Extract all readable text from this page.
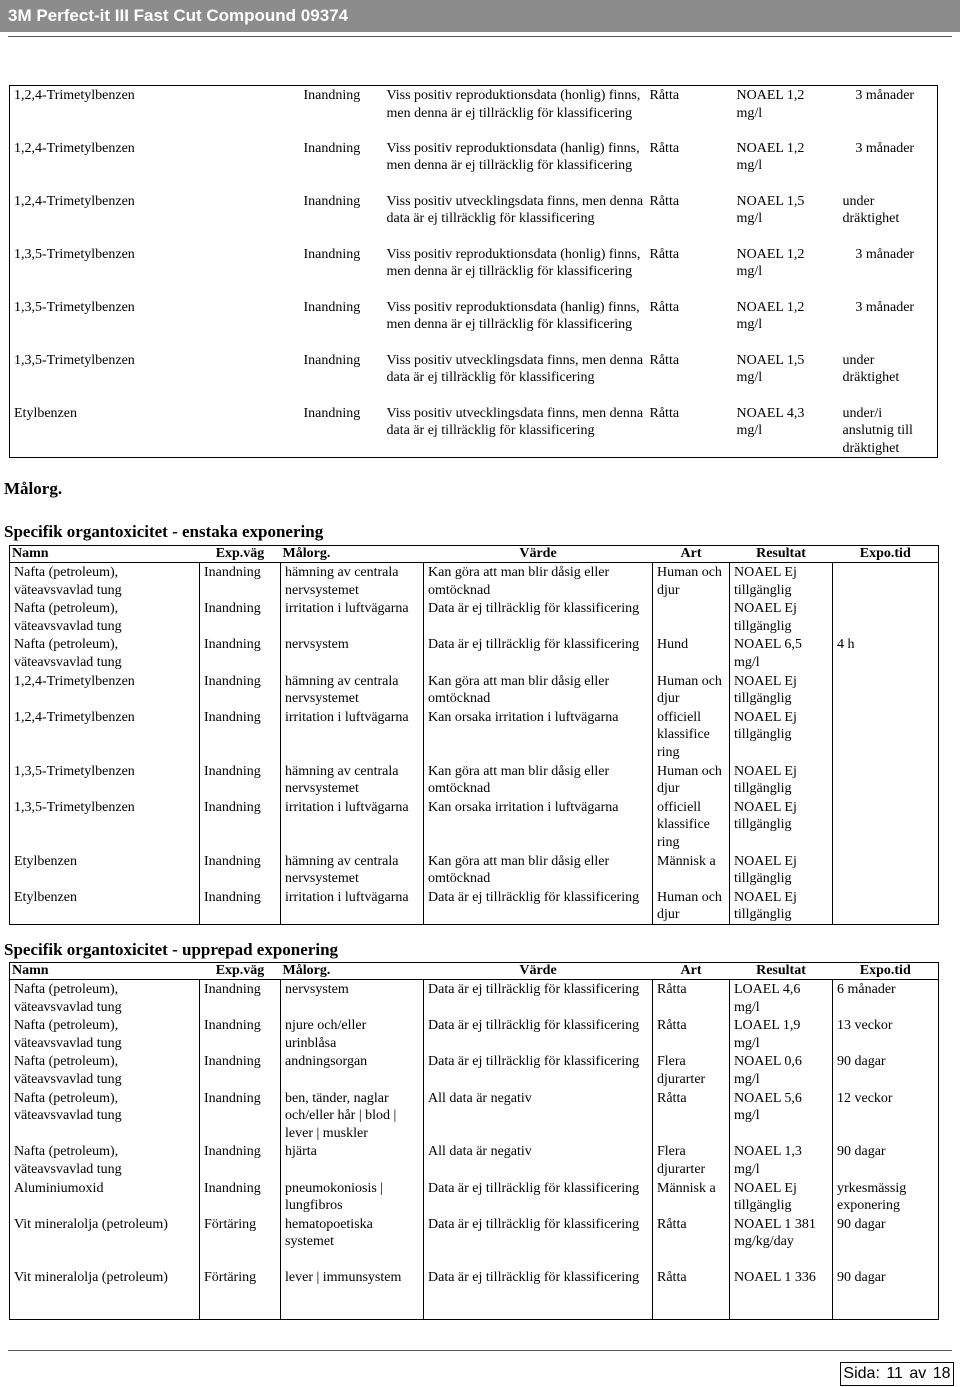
3M Perfect-it III Fast Cut Compound 09374
1,2,4-Trimetylbenzen	Inandning	Viss positiv reproduktionsdata (honlig) finns, men denna är ej tillräcklig för klassificering	Råtta	NOAEL 1,2 mg/l	3 månader
1,2,4-Trimetylbenzen	Inandning	Viss positiv reproduktionsdata (hanlig) finns, men denna är ej tillräcklig för klassificering	Råtta	NOAEL 1,2 mg/l	3 månader
1,2,4-Trimetylbenzen	Inandning	Viss positiv utvecklingsdata finns, men denna data är ej tillräcklig för klassificering	Råtta	NOAEL 1,5 mg/l	under dräktighet
1,3,5-Trimetylbenzen	Inandning	Viss positiv reproduktionsdata (honlig) finns, men denna är ej tillräcklig för klassificering	Råtta	NOAEL 1,2 mg/l	3 månader
1,3,5-Trimetylbenzen	Inandning	Viss positiv reproduktionsdata (hanlig) finns, men denna är ej tillräcklig för klassificering	Råtta	NOAEL 1,2 mg/l	3 månader
1,3,5-Trimetylbenzen	Inandning	Viss positiv utvecklingsdata finns, men denna data är ej tillräcklig för klassificering	Råtta	NOAEL 1,5 mg/l	under dräktighet
Etylbenzen	Inandning	Viss positiv utvecklingsdata finns, men denna data är ej tillräcklig för klassificering	Råtta	NOAEL 4,3 mg/l	under/i anslutnig till dräktighet
Målorg.
Specifik organtoxicitet - enstaka exponering
Namn	Exp.väg	Målorg.	Värde	Art	Resultat	Expo.tid
Nafta (petroleum), väteavsvavlad tung	Inandning	hämning av centrala nervsystemet	Kan göra att man blir dåsig eller omtöcknad	Human och djur	NOAEL Ej tillgänglig	
Nafta (petroleum), väteavsvavlad tung	Inandning	irritation i luftvägarna	Data är ej tillräcklig för klassificering		NOAEL Ej tillgänglig	
Nafta (petroleum), väteavsvavlad tung	Inandning	nervsystem	Data är ej tillräcklig för klassificering	Hund	NOAEL 6,5 mg/l	4 h
1,2,4-Trimetylbenzen	Inandning	hämning av centrala nervsystemet	Kan göra att man blir dåsig eller omtöcknad	Human och djur	NOAEL Ej tillgänglig	
1,2,4-Trimetylbenzen	Inandning	irritation i luftvägarna	Kan orsaka irritation i luftvägarna	officiell klassifice ring	NOAEL Ej tillgänglig	
1,3,5-Trimetylbenzen	Inandning	hämning av centrala nervsystemet	Kan göra att man blir dåsig eller omtöcknad	Human och djur	NOAEL Ej tillgänglig	
1,3,5-Trimetylbenzen	Inandning	irritation i luftvägarna	Kan orsaka irritation i luftvägarna	officiell klassifice ring	NOAEL Ej tillgänglig	
Etylbenzen	Inandning	hämning av centrala nervsystemet	Kan göra att man blir dåsig eller omtöcknad	Människ a	NOAEL Ej tillgänglig	
Etylbenzen	Inandning	irritation i luftvägarna	Data är ej tillräcklig för klassificering	Human och djur	NOAEL Ej tillgänglig	
Specifik organtoxicitet - upprepad exponering
Namn	Exp.väg	Målorg.	Värde	Art	Resultat	Expo.tid
Nafta (petroleum), väteavsvavlad tung	Inandning	nervsystem	Data är ej tillräcklig för klassificering	Råtta	LOAEL 4,6 mg/l	6 månader
Nafta (petroleum), väteavsvavlad tung	Inandning	njure och/eller urinblåsa	Data är ej tillräcklig för klassificering	Råtta	LOAEL 1,9 mg/l	13 veckor
Nafta (petroleum), väteavsvavlad tung	Inandning	andningsorgan	Data är ej tillräcklig för klassificering	Flera djurarter	NOAEL 0,6 mg/l	90 dagar
Nafta (petroleum), väteavsvavlad tung	Inandning	ben, tänder, naglar och/eller hår | blod | lever | muskler	All data är negativ	Råtta	NOAEL 5,6 mg/l	12 veckor
Nafta (petroleum), väteavsvavlad tung	Inandning	hjärta	All data är negativ	Flera djurarter	NOAEL 1,3 mg/l	90 dagar
Aluminiumoxid	Inandning	pneumokoniosis | lungfibros	Data är ej tillräcklig för klassificering	Människ a	NOAEL Ej tillgänglig	yrkesmässig exponering
Vit mineralolja (petroleum)	Förtäring	hematopoetiska systemet	Data är ej tillräcklig för klassificering	Råtta	NOAEL 1 381 mg/kg/day	90 dagar
Vit mineralolja (petroleum)	Förtäring	lever | immunsystem	Data är ej tillräcklig för klassificering	Råtta	NOAEL 1 336	90 dagar
Sida: 11 av 18
